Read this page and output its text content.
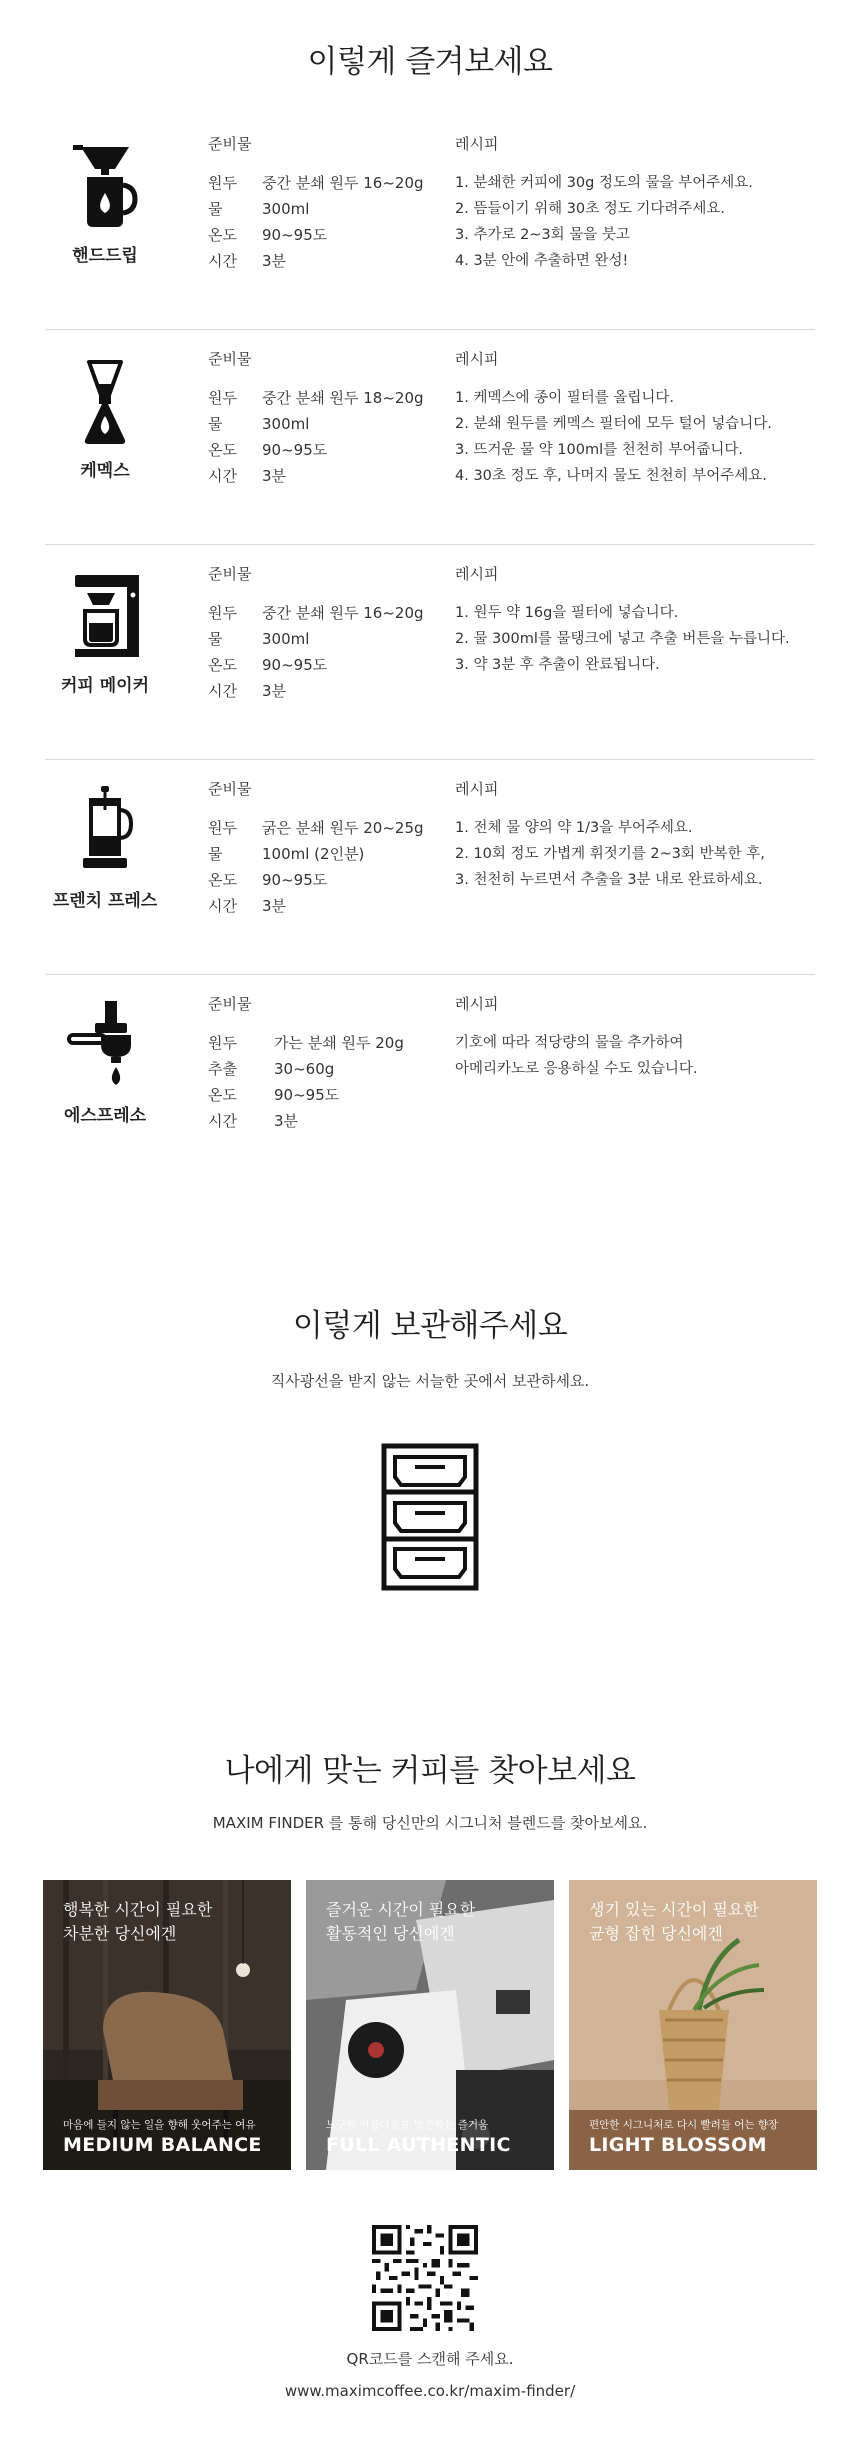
이렇게 즐겨보세요
핸드드립
준비물
원두	중간 분쇄 원두 16~20g
물	300ml
온도	90~95도
시간	3분
레시피
1. 분쇄한 커피에 30g 정도의 물을 부어주세요.
2. 뜸들이기 위해 30초 정도 기다려주세요.
3. 추가로 2~3회 물을 붓고
4. 3분 안에 추출하면 완성!
케멕스
준비물
원두	중간 분쇄 원두 18~20g
물	300ml
온도	90~95도
시간	3분
레시피
1. 케멕스에 종이 필터를 올립니다.
2. 분쇄 원두를 케멕스 필터에 모두 털어 넣습니다.
3. 뜨거운 물 약 100ml를 천천히 부어줍니다.
4. 30초 정도 후, 나머지 물도 천천히 부어주세요.
커피 메이커
준비물
원두	중간 분쇄 원두 16~20g
물	300ml
온도	90~95도
시간	3분
레시피
1. 원두 약 16g을 필터에 넣습니다.
2. 물 300ml를 물탱크에 넣고 추출 버튼을 누릅니다.
3. 약 3분 후 추출이 완료됩니다.
프렌치 프레스
준비물
원두	굵은 분쇄 원두 20~25g
물	100ml (2인분)
온도	90~95도
시간	3분
레시피
1. 전체 물 양의 약 1/3을 부어주세요.
2. 10회 정도 가볍게 휘젓기를 2~3회 반복한 후,
3. 천천히 누르면서 추출을 3분 내로 완료하세요.
에스프레소
준비물
원두	가는 분쇄 원두 20g
추출	30~60g
온도	90~95도
시간	3분
레시피
기호에 따라 적당량의 물을 추가하여
아메리카노로 응용하실 수도 있습니다.
이렇게 보관해주세요

직사광선을 받지 않는 서늘한 곳에서 보관하세요.

나에게 맞는 커피를 찾아보세요

MAXIM FINDER 를 통해 당신만의 시그니처 블렌드를 찾아보세요.

행복한 시간이 필요한
차분한 당신에겐
마음에 들지 않는 일을 향해 웃어주는 여유
MEDIUM BALANCE
즐거운 시간이 필요한
활동적인 당신에겐
느긋한 아름다움을 발견하는 즐거움
FULL AUTHENTIC
생기 있는 시간이 필요한
균형 잡힌 당신에겐
편안한 시그니처로 다시 빨려들 어는 향장
LIGHT BLOSSOM

QR코드를 스캔해 주세요.

www.maximcoffee.co.kr/maxim-finder/
